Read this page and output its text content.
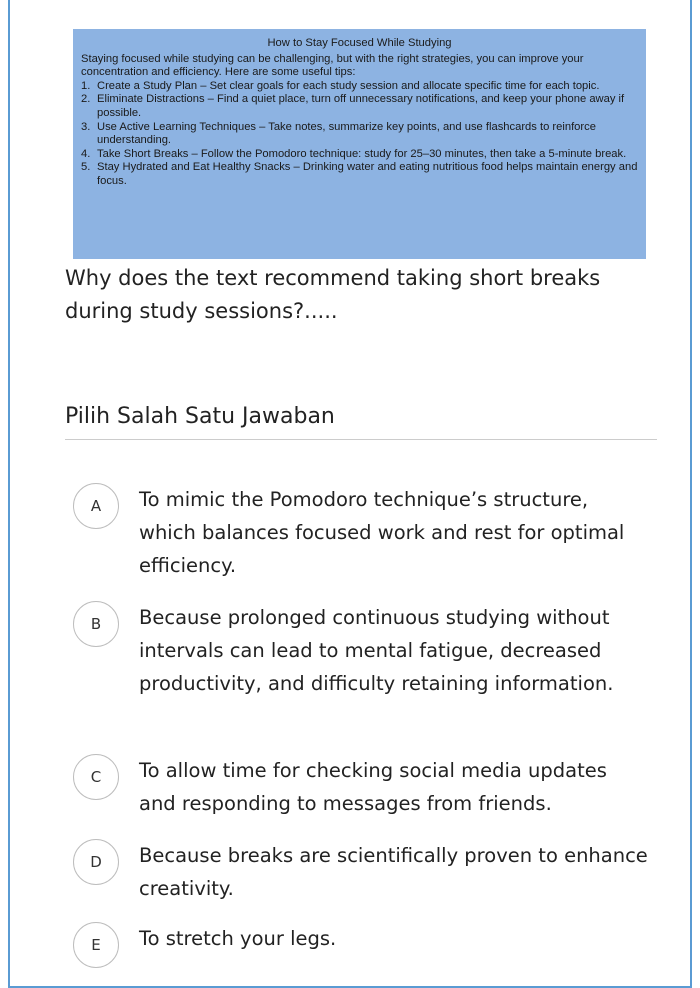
How to Stay Focused While Studying

Staying focused while studying can be challenging, but with the right strategies, you can improve your concentration and efficiency. Here are some useful tips:

1. Create a Study Plan – Set clear goals for each study session and allocate specific time for each topic.
2. Eliminate Distractions – Find a quiet place, turn off unnecessary notifications, and keep your phone away if possible.
3. Use Active Learning Techniques – Take notes, summarize key points, and use flashcards to reinforce understanding.
4. Take Short Breaks – Follow the Pomodoro technique: study for 25–30 minutes, then take a 5-minute break.
5. Stay Hydrated and Eat Healthy Snacks – Drinking water and eating nutritious food helps maintain energy and focus.
Why does the text recommend taking short breaks during study sessions?.....
Pilih Salah Satu Jawaban
A	To mimic the Pomodoro technique’s structure, which balances focused work and rest for optimal efficiency.
B	Because prolonged continuous studying without intervals can lead to mental fatigue, decreased productivity, and difficulty retaining information.
C	To allow time for checking social media updates and responding to messages from friends.
D	Because breaks are scientifically proven to enhance creativity.
E	To stretch your legs.
